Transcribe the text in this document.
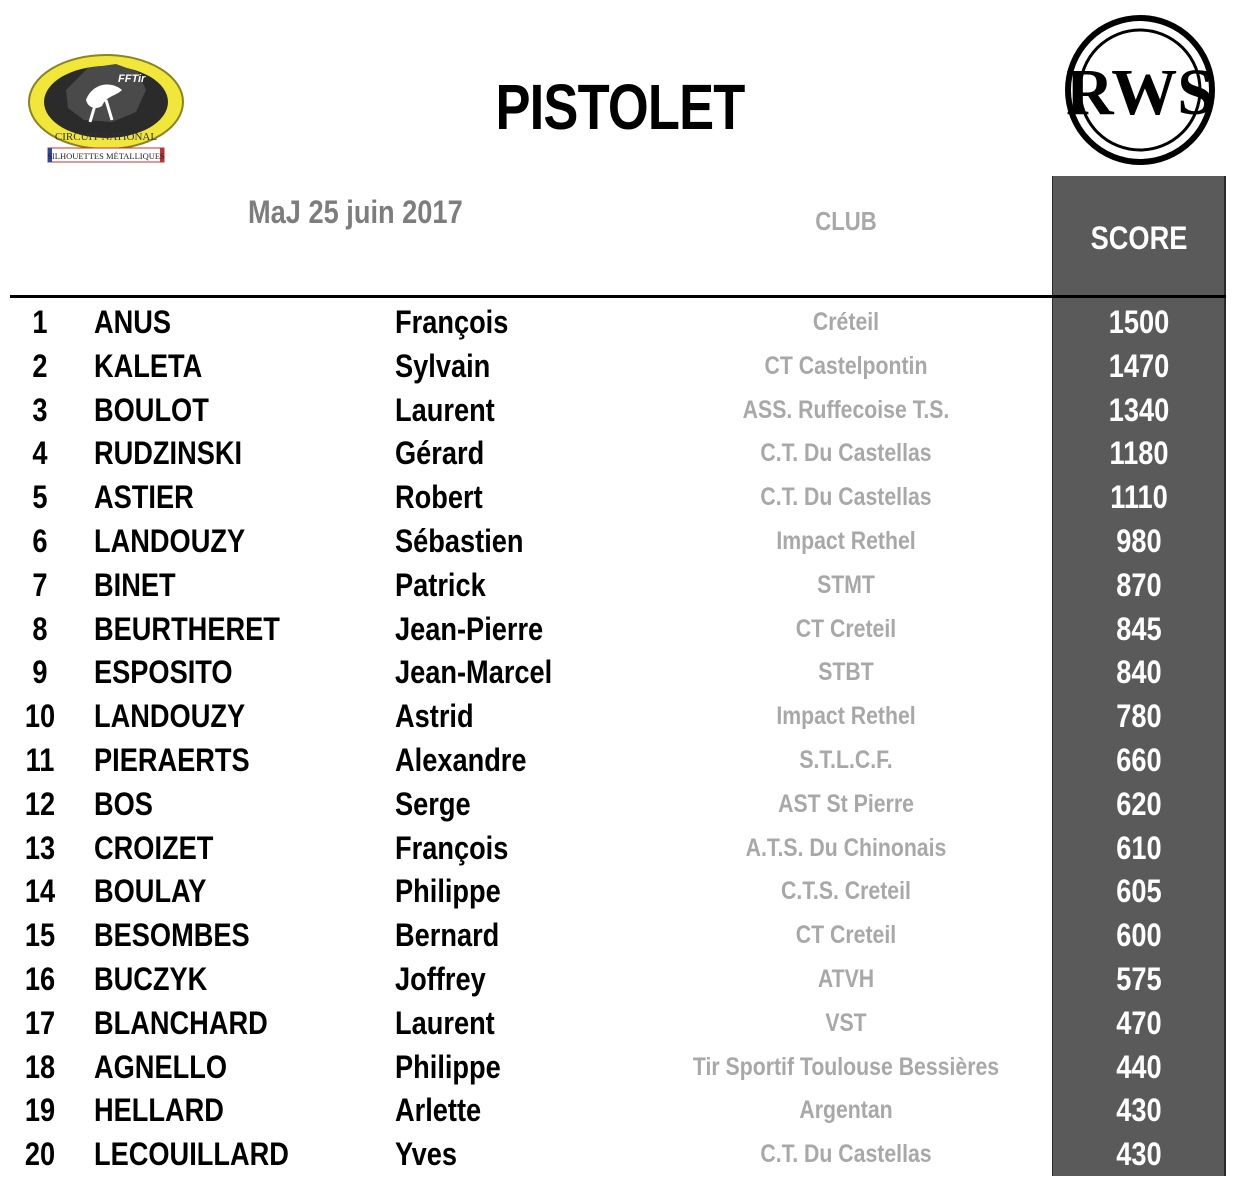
FFTir
CIRCUIT NATIONAL
SILHOUETTES MÉTALLIQUES
RWS
PISTOLET
MaJ 25 juin 2017	CLUB	SCORE
1	ANUS	François	Créteil	1500
2	KALETA	Sylvain	CT Castelpontin	1470
3	BOULOT	Laurent	ASS. Ruffecoise T.S.	1340
4	RUDZINSKI	Gérard	C.T. Du Castellas	1180
5	ASTIER	Robert	C.T. Du Castellas	1110
6	LANDOUZY	Sébastien	Impact Rethel	980
7	BINET	Patrick	STMT	870
8	BEURTHERET	Jean-Pierre	CT Creteil	845
9	ESPOSITO	Jean-Marcel	STBT	840
10	LANDOUZY	Astrid	Impact Rethel	780
11	PIERAERTS	Alexandre	S.T.L.C.F.	660
12	BOS	Serge	AST St Pierre	620
13	CROIZET	François	A.T.S. Du Chinonais	610
14	BOULAY	Philippe	C.T.S. Creteil	605
15	BESOMBES	Bernard	CT Creteil	600
16	BUCZYK	Joffrey	ATVH	575
17	BLANCHARD	Laurent	VST	470
18	AGNELLO	Philippe	Tir Sportif Toulouse Bessières	440
19	HELLARD	Arlette	Argentan	430
20	LECOUILLARD	Yves	C.T. Du Castellas	430
